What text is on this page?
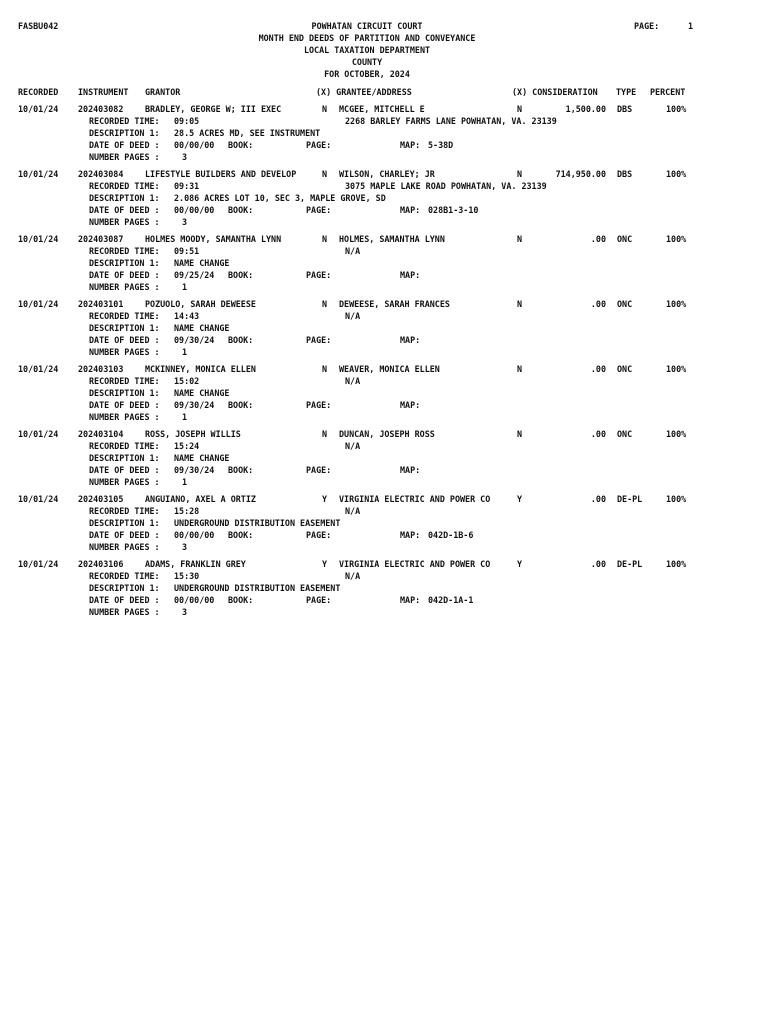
FASBU042	POWHATAN CIRCUIT COURT	PAGE:	1
MONTH END DEEDS OF PARTITION AND CONVEYANCE
LOCAL TAXATION DEPARTMENT
COUNTY
FOR OCTOBER, 2024
RECORDED INSTRUMENT GRANTOR	(X) GRANTEE/ADDRESS	(X) CONSIDERATION TYPE PERCENT
10/01/24 202403082	BRADLEY, GEORGE W; III EXEC	N MCGEE, MITCHELL E	N	1,500.00 DBS	100%
RECORDED TIME: 09:05	2268 BARLEY FARMS LANE POWHATAN, VA. 23139
DESCRIPTION 1: 28.5 ACRES MD, SEE INSTRUMENT
DATE OF DEED : 00/00/00 BOOK:	PAGE:	MAP: 5-38D
NUMBER PAGES :	3
10/01/24 202403084	LIFESTYLE BUILDERS AND DEVELOP	N WILSON, CHARLEY; JR	N	714,950.00 DBS	100%
RECORDED TIME: 09:31	3075 MAPLE LAKE ROAD POWHATAN, VA. 23139
DESCRIPTION 1: 2.086 ACRES LOT 10, SEC 3, MAPLE GROVE, SD
DATE OF DEED : 00/00/00 BOOK:	PAGE:	MAP: 028B1-3-10
NUMBER PAGES :	3
10/01/24 202403087	HOLMES MOODY, SAMANTHA LYNN	N HOLMES, SAMANTHA LYNN	N	.00 ONC	100%
RECORDED TIME: 09:51	N/A
DESCRIPTION 1: NAME CHANGE
DATE OF DEED : 09/25/24 BOOK:	PAGE:	MAP:
NUMBER PAGES :	1
10/01/24 202403101	POZUOLO, SARAH DEWEESE	N DEWEESE, SARAH FRANCES	N	.00 ONC	100%
RECORDED TIME: 14:43	N/A
DESCRIPTION 1: NAME CHANGE
DATE OF DEED : 09/30/24 BOOK:	PAGE:	MAP:
NUMBER PAGES :	1
10/01/24 202403103	MCKINNEY, MONICA ELLEN	N WEAVER, MONICA ELLEN	N	.00 ONC	100%
RECORDED TIME: 15:02	N/A
DESCRIPTION 1: NAME CHANGE
DATE OF DEED : 09/30/24 BOOK:	PAGE:	MAP:
NUMBER PAGES :	1
10/01/24 202403104	ROSS, JOSEPH WILLIS	N DUNCAN, JOSEPH ROSS	N	.00 ONC	100%
RECORDED TIME: 15:24	N/A
DESCRIPTION 1: NAME CHANGE
DATE OF DEED : 09/30/24 BOOK:	PAGE:	MAP:
NUMBER PAGES :	1
10/01/24 202403105	ANGUIANO, AXEL A ORTIZ	Y VIRGINIA ELECTRIC AND POWER CO	Y	.00 DE-PL	100%
RECORDED TIME: 15:28	N/A
DESCRIPTION 1: UNDERGROUND DISTRIBUTION EASEMENT
DATE OF DEED : 00/00/00 BOOK:	PAGE:	MAP: 042D-1B-6
NUMBER PAGES :	3
10/01/24 202403106	ADAMS, FRANKLIN GREY	Y VIRGINIA ELECTRIC AND POWER CO	Y	.00 DE-PL	100%
RECORDED TIME: 15:30	N/A
DESCRIPTION 1: UNDERGROUND DISTRIBUTION EASEMENT
DATE OF DEED : 00/00/00 BOOK:	PAGE:	MAP: 042D-1A-1
NUMBER PAGES :	3
